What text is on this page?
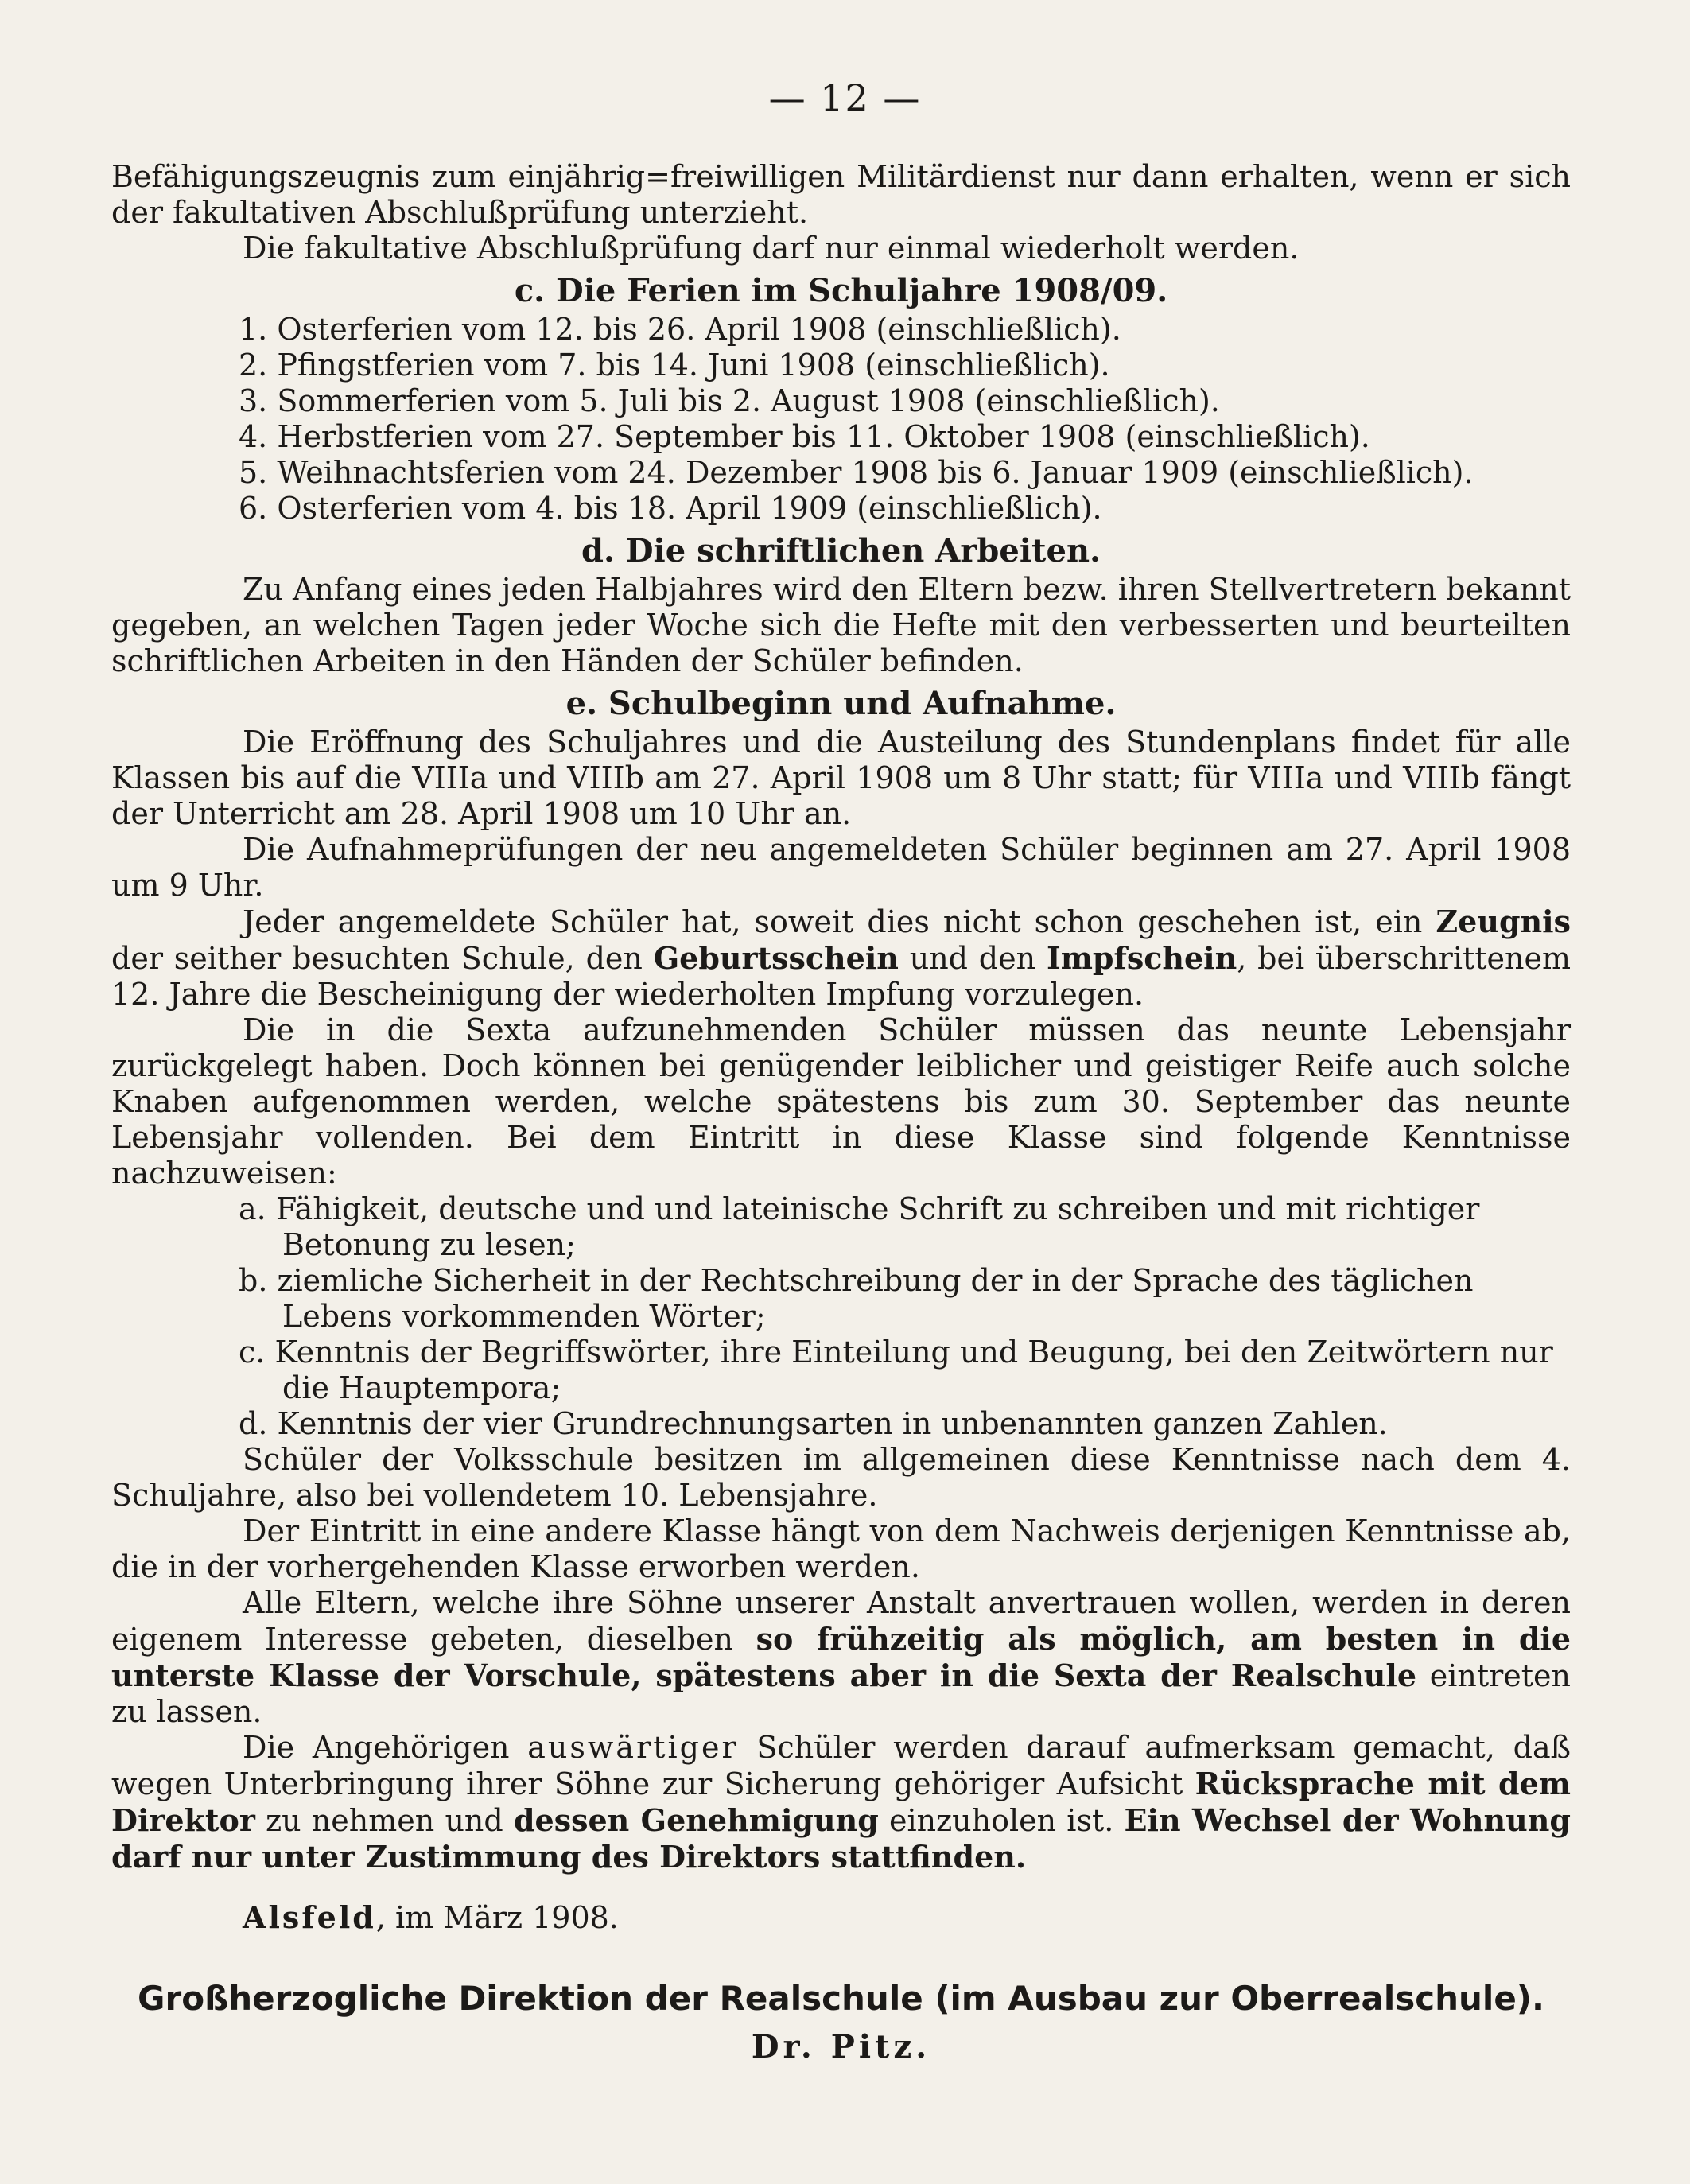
— 12 —

Befähigungszeugnis zum einjährig=freiwilligen Militärdienst nur dann erhalten, wenn er sich der fakultativen Abschlußprüfung unterzieht.

Die fakultative Abschlußprüfung darf nur einmal wiederholt werden.

c. Die Ferien im Schuljahre 1908/09.
1. Osterferien vom 12. bis 26. April 1908 (einschließlich).
2. Pfingstferien vom 7. bis 14. Juni 1908 (einschließlich).
3. Sommerferien vom 5. Juli bis 2. August 1908 (einschließlich).
4. Herbstferien vom 27. September bis 11. Oktober 1908 (einschließlich).
5. Weihnachtsferien vom 24. Dezember 1908 bis 6. Januar 1909 (einschließlich).
6. Osterferien vom 4. bis 18. April 1909 (einschließlich).
d. Die schriftlichen Arbeiten.

Zu Anfang eines jeden Halbjahres wird den Eltern bezw. ihren Stellvertretern bekannt gegeben, an welchen Tagen jeder Woche sich die Hefte mit den verbesserten und beurteilten schriftlichen Arbeiten in den Händen der Schüler befinden.

e. Schulbeginn und Aufnahme.

Die Eröffnung des Schuljahres und die Austeilung des Stundenplans findet für alle Klassen bis auf die VIIIa und VIIIb am 27. April 1908 um 8 Uhr statt; für VIIIa und VIIIb fängt der Unterricht am 28. April 1908 um 10 Uhr an.

Die Aufnahmeprüfungen der neu angemeldeten Schüler beginnen am 27. April 1908 um 9 Uhr.

Jeder angemeldete Schüler hat, soweit dies nicht schon geschehen ist, ein Zeugnis der seither besuchten Schule, den Geburtsschein und den Impfschein, bei überschrittenem 12. Jahre die Bescheinigung der wiederholten Impfung vorzulegen.

Die in die Sexta aufzunehmenden Schüler müssen das neunte Lebensjahr zurückgelegt haben. Doch können bei genügender leiblicher und geistiger Reife auch solche Knaben aufgenommen werden, welche spätestens bis zum 30. September das neunte Lebensjahr vollenden. Bei dem Eintritt in diese Klasse sind folgende Kenntnisse nachzuweisen:

a. Fähigkeit, deutsche und und lateinische Schrift zu schreiben und mit richtiger Betonung zu lesen;
b. ziemliche Sicherheit in der Rechtschreibung der in der Sprache des täglichen Lebens vorkommenden Wörter;
c. Kenntnis der Begriffswörter, ihre Einteilung und Beugung, bei den Zeitwörtern nur die Hauptempora;
d. Kenntnis der vier Grundrechnungsarten in unbenannten ganzen Zahlen.

Schüler der Volksschule besitzen im allgemeinen diese Kenntnisse nach dem 4. Schuljahre, also bei vollendetem 10. Lebensjahre.

Der Eintritt in eine andere Klasse hängt von dem Nachweis derjenigen Kenntnisse ab, die in der vorhergehenden Klasse erworben werden.

Alle Eltern, welche ihre Söhne unserer Anstalt anvertrauen wollen, werden in deren eigenem Interesse gebeten, dieselben so frühzeitig als möglich, am besten in die unterste Klasse der Vorschule, spätestens aber in die Sexta der Realschule eintreten zu lassen.

Die Angehörigen auswärtiger Schüler werden darauf aufmerksam gemacht, daß wegen Unterbringung ihrer Söhne zur Sicherung gehöriger Aufsicht Rücksprache mit dem Direktor zu nehmen und dessen Genehmigung einzuholen ist. Ein Wechsel der Wohnung darf nur unter Zustimmung des Direktors stattfinden.

Alsfeld, im März 1908.

Großherzogliche Direktion der Realschule (im Ausbau zur Oberrealschule).
Dr. Pitz.
